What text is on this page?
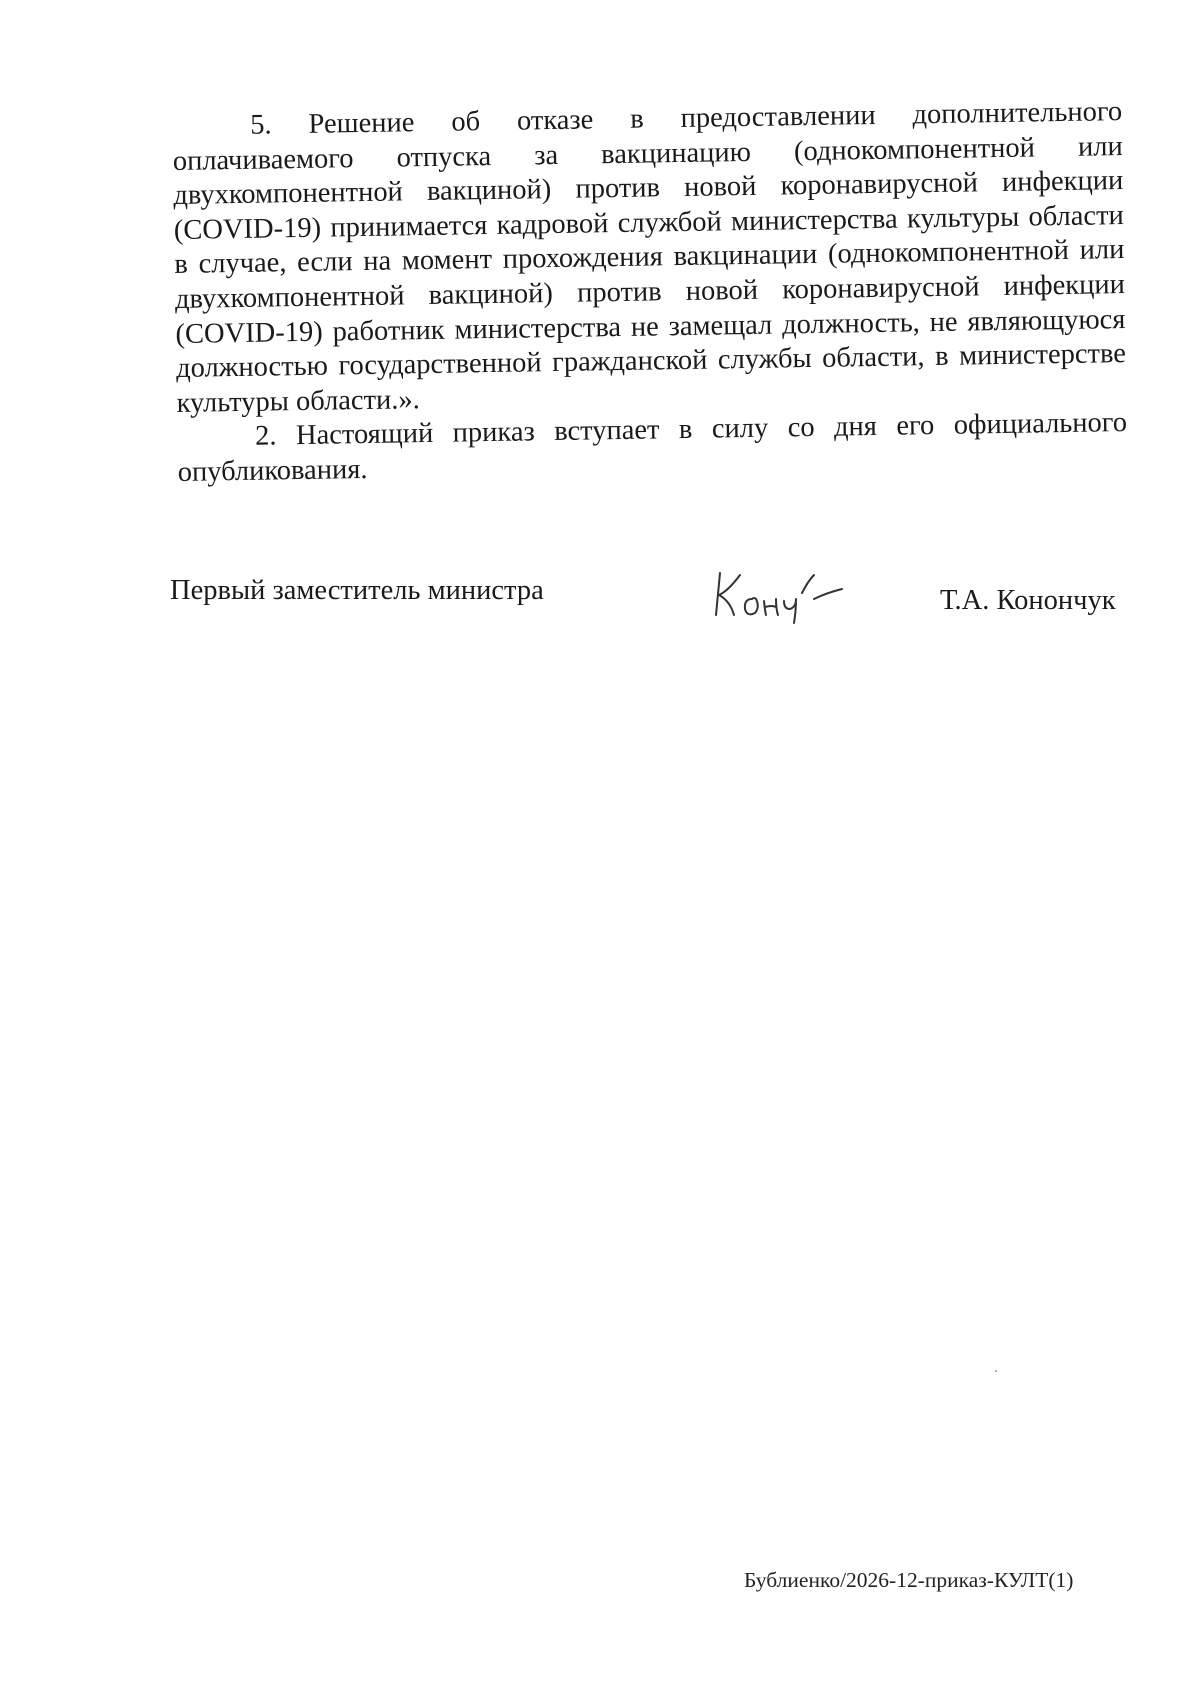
5. Решение об отказе в предоставлении дополнительного оплачиваемого отпуска за вакцинацию (однокомпонентной или двухкомпонентной вакциной) против новой коронавирусной инфекции (COVID-19) принимается кадровой службой министерства культуры области в случае, если на момент прохождения вакцинации (однокомпонентной или двухкомпонентной вакциной) против новой коронавирусной инфекции (COVID-19) работник министерства не замещал должность, не являющуюся должностью государственной гражданской службы области, в министерстве культуры области.».

2. Настоящий приказ вступает в силу со дня его официального опубликования.

Первый заместитель министра	Т.А. Конончук
Бублиенко/2026-12-приказ-КУЛТ(1)
